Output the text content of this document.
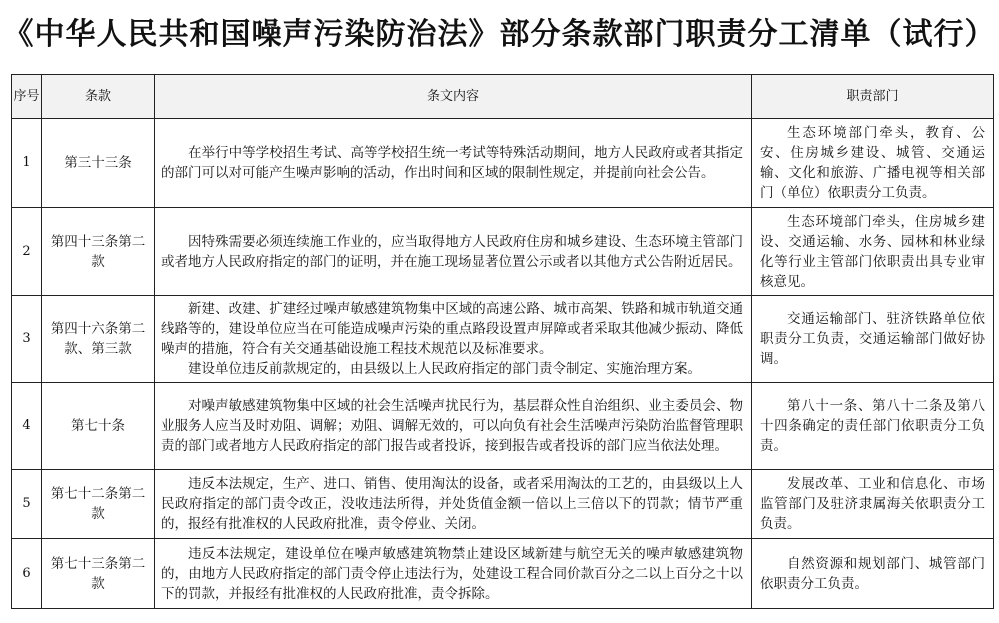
《中华人民共和国噪声污染防治法》部分条款部门职责分工清单（试行）
序号	条款	条文内容	职责部门
1	第三十三条	在举行中等学校招生考试、高等学校招生统一考试等特殊活动期间，地方人民政府或者其指定的部门可以对可能产生噪声影响的活动，作出时间和区域的限制性规定，并提前向社会公告。	生态环境部门牵头，教育、公安、住房城乡建设、城管、交通运输、文化和旅游、广播电视等相关部门（单位）依职责分工负责。

2	第四十三条第二款	因特殊需要必须连续施工作业的，应当取得地方人民政府住房和城乡建设、生态环境主管部门或者地方人民政府指定的部门的证明，并在施工现场显著位置公示或者以其他方式公告附近居民。	生态环境部门牵头，住房城乡建设、交通运输、水务、园林和林业绿化等行业主管部门依职责出具专业审核意见。

3	第四十六条第二款、第三款	新建、改建、扩建经过噪声敏感建筑物集中区域的高速公路、城市高架、铁路和城市轨道交通线路等的，建设单位应当在可能造成噪声污染的重点路段设置声屏障或者采取其他减少振动、降低噪声的措施，符合有关交通基础设施工程技术规范以及标准要求。
建设单位违反前款规定的，由县级以上人民政府指定的部门责令制定、实施治理方案。	交通运输部门、驻济铁路单位依职责分工负责，交通运输部门做好协调。

4	第七十条	对噪声敏感建筑物集中区域的社会生活噪声扰民行为，基层群众性自治组织、业主委员会、物业服务人应当及时劝阻、调解；劝阻、调解无效的，可以向负有社会生活噪声污染防治监督管理职责的部门或者地方人民政府指定的部门报告或者投诉，接到报告或者投诉的部门应当依法处理。	第八十一条、第八十二条及第八十四条确定的责任部门依职责分工负责。

5	第七十二条第二款	违反本法规定，生产、进口、销售、使用淘汰的设备，或者采用淘汰的工艺的，由县级以上人民政府指定的部门责令改正，没收违法所得，并处货值金额一倍以上三倍以下的罚款；情节严重的，报经有批准权的人民政府批准，责令停业、关闭。	发展改革、工业和信息化、市场监管部门及驻济隶属海关依职责分工负责。

6	第七十三条第二款	违反本法规定，建设单位在噪声敏感建筑物禁止建设区域新建与航空无关的噪声敏感建筑物的，由地方人民政府指定的部门责令停止违法行为，处建设工程合同价款百分之二以上百分之十以下的罚款，并报经有批准权的人民政府批准，责令拆除。	自然资源和规划部门、城管部门依职责分工负责。
